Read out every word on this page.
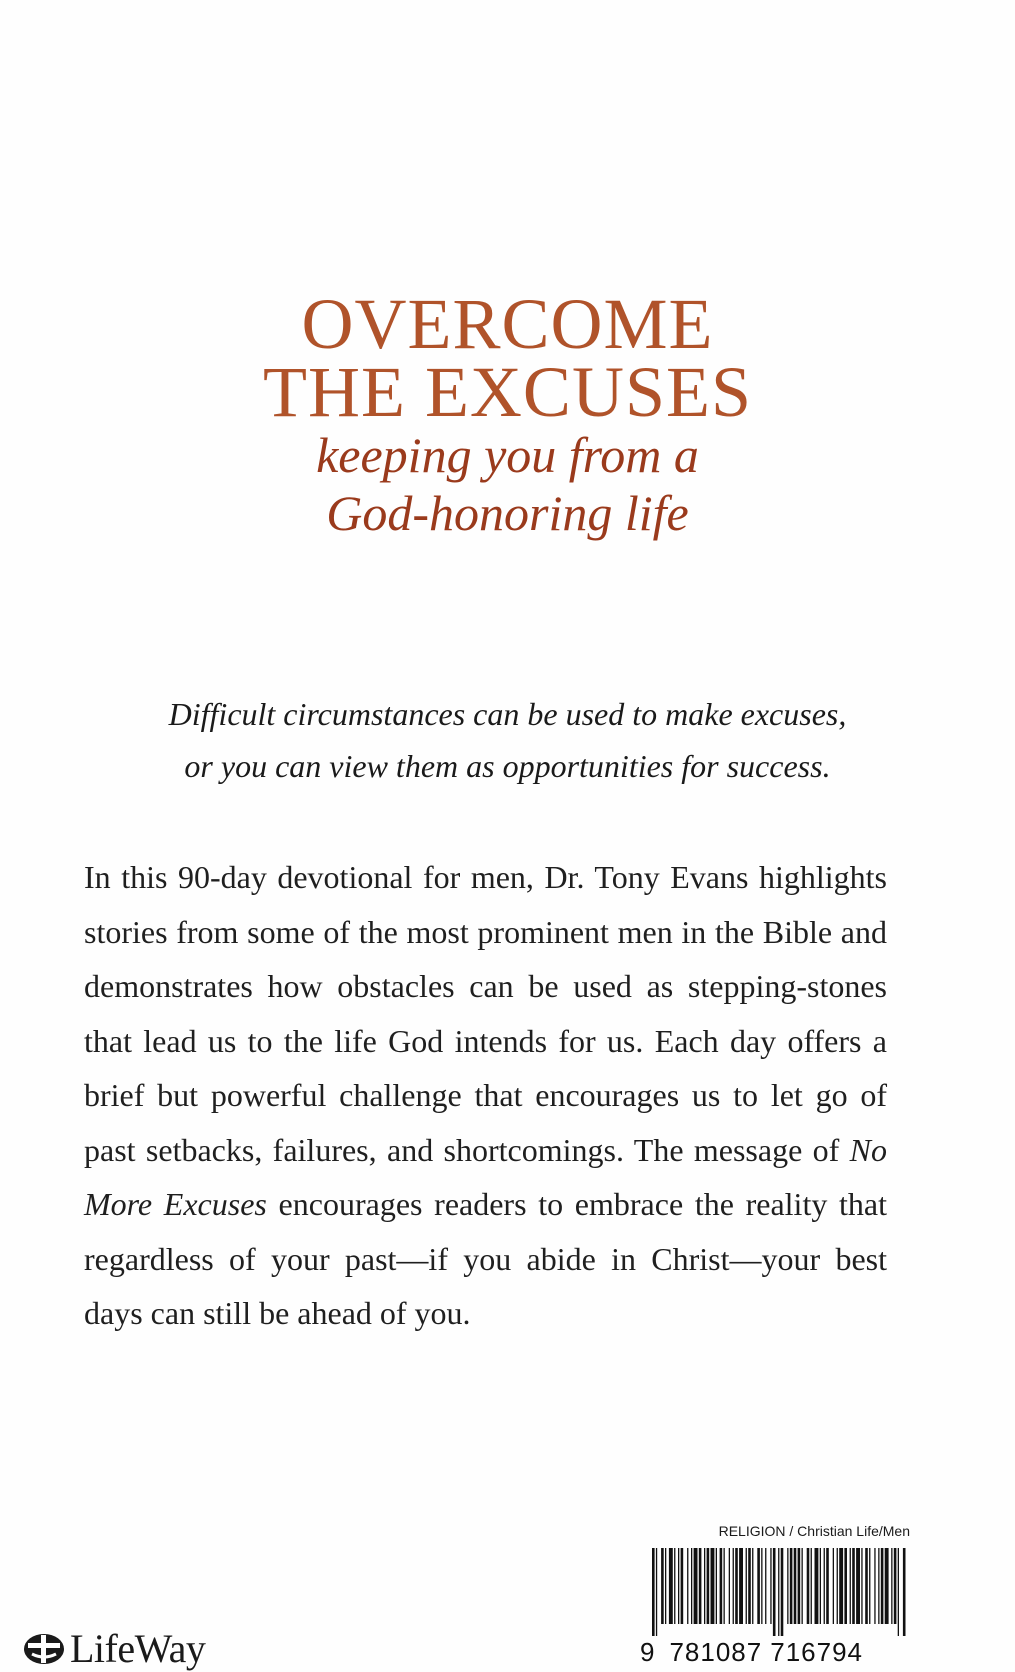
OVERCOME
THE EXCUSES
keeping you from a
God-honoring life
Difficult circumstances can be used to make excuses,
or you can view them as opportunities for success.
In this 90-day devotional for men, Dr. Tony Evans highlights stories from some of the most prominent men in the Bible and demonstrates how obstacles can be used as stepping-stones that lead us to the life God intends for us. Each day offers a brief but powerful challenge that encourages us to let go of past setbacks, failures, and shortcomings. The message of No More Excuses encourages readers to embrace the reality that regardless of your past—if you abide in Christ—your best days can still be ahead of you.
LifeWay
RELIGION / Christian Life/Men
9 781087 716794
